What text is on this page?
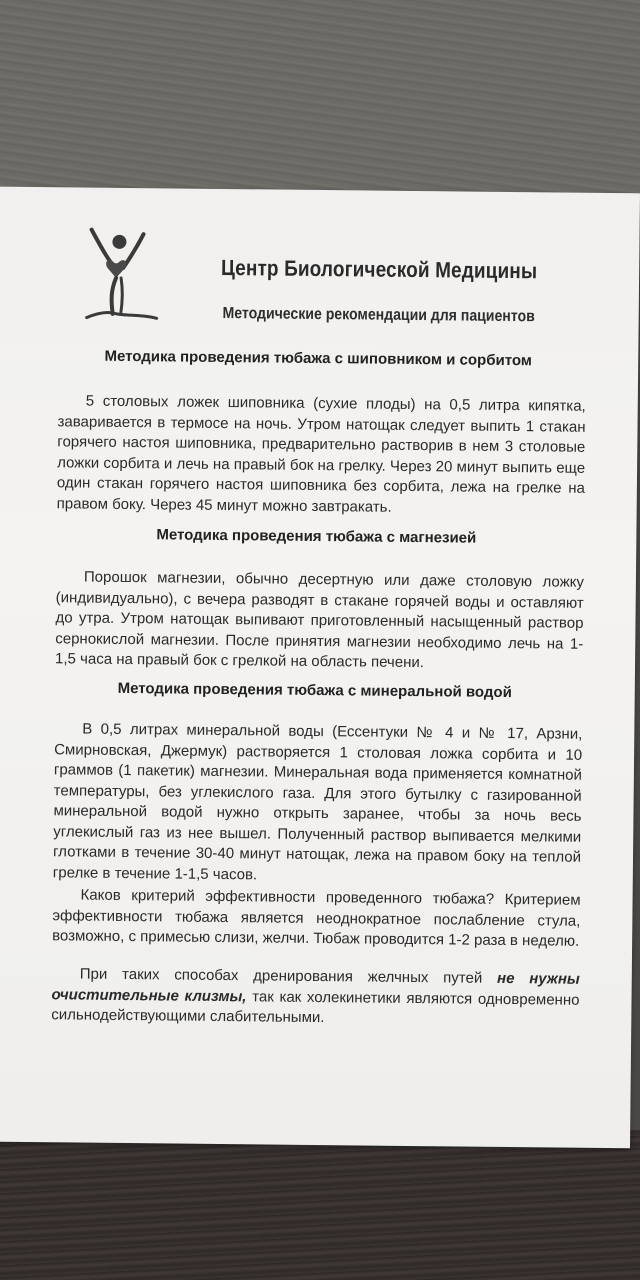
Центр Биологической Медицины
Методические рекомендации для пациентов
Методика проведения тюбажа с шиповником и сорбитом
5 столовых ложек шиповника (сухие плоды) на 0,5 литра кипятка, заваривается в термосе на ночь. Утром натощак следует выпить 1 стакан горячего настоя шиповника, предварительно растворив в нем 3 столовые ложки сорбита и лечь на правый бок на грелку. Через 20 минут выпить еще один стакан горячего настоя шиповника без сорбита, лежа на грелке на правом боку. Через 45 минут можно завтракать.
Методика проведения тюбажа с магнезией
Порошок магнезии, обычно десертную или даже столовую ложку (индивидуально), с вечера разводят в стакане горячей воды и оставляют до утра. Утром натощак выпивают приготовленный насыщенный раствор сернокислой магнезии. После принятия магнезии необходимо лечь на 1-1,5 часа на правый бок с грелкой на область печени.
Методика проведения тюбажа с минеральной водой
В 0,5 литрах минеральной воды (Ессентуки № 4 и № 17, Арзни, Смирновская, Джермук) растворяется 1 столовая ложка сорбита и 10 граммов (1 пакетик) магнезии. Минеральная вода применяется комнатной температуры, без углекислого газа. Для этого бутылку с газированной минеральной водой нужно открыть заранее, чтобы за ночь весь углекислый газ из нее вышел. Полученный раствор выпивается мелкими глотками в течение 30-40 минут натощак, лежа на правом боку на теплой грелке в течение 1-1,5 часов.
Каков критерий эффективности проведенного тюбажа? Критерием эффективности тюбажа является неоднократное послабление стула, возможно, с примесью слизи, желчи. Тюбаж проводится 1-2 раза в неделю.
При таких способах дренирования желчных путей не нужны очистительные клизмы, так как холекинетики являются одновременно сильнодействующими слабительными.
